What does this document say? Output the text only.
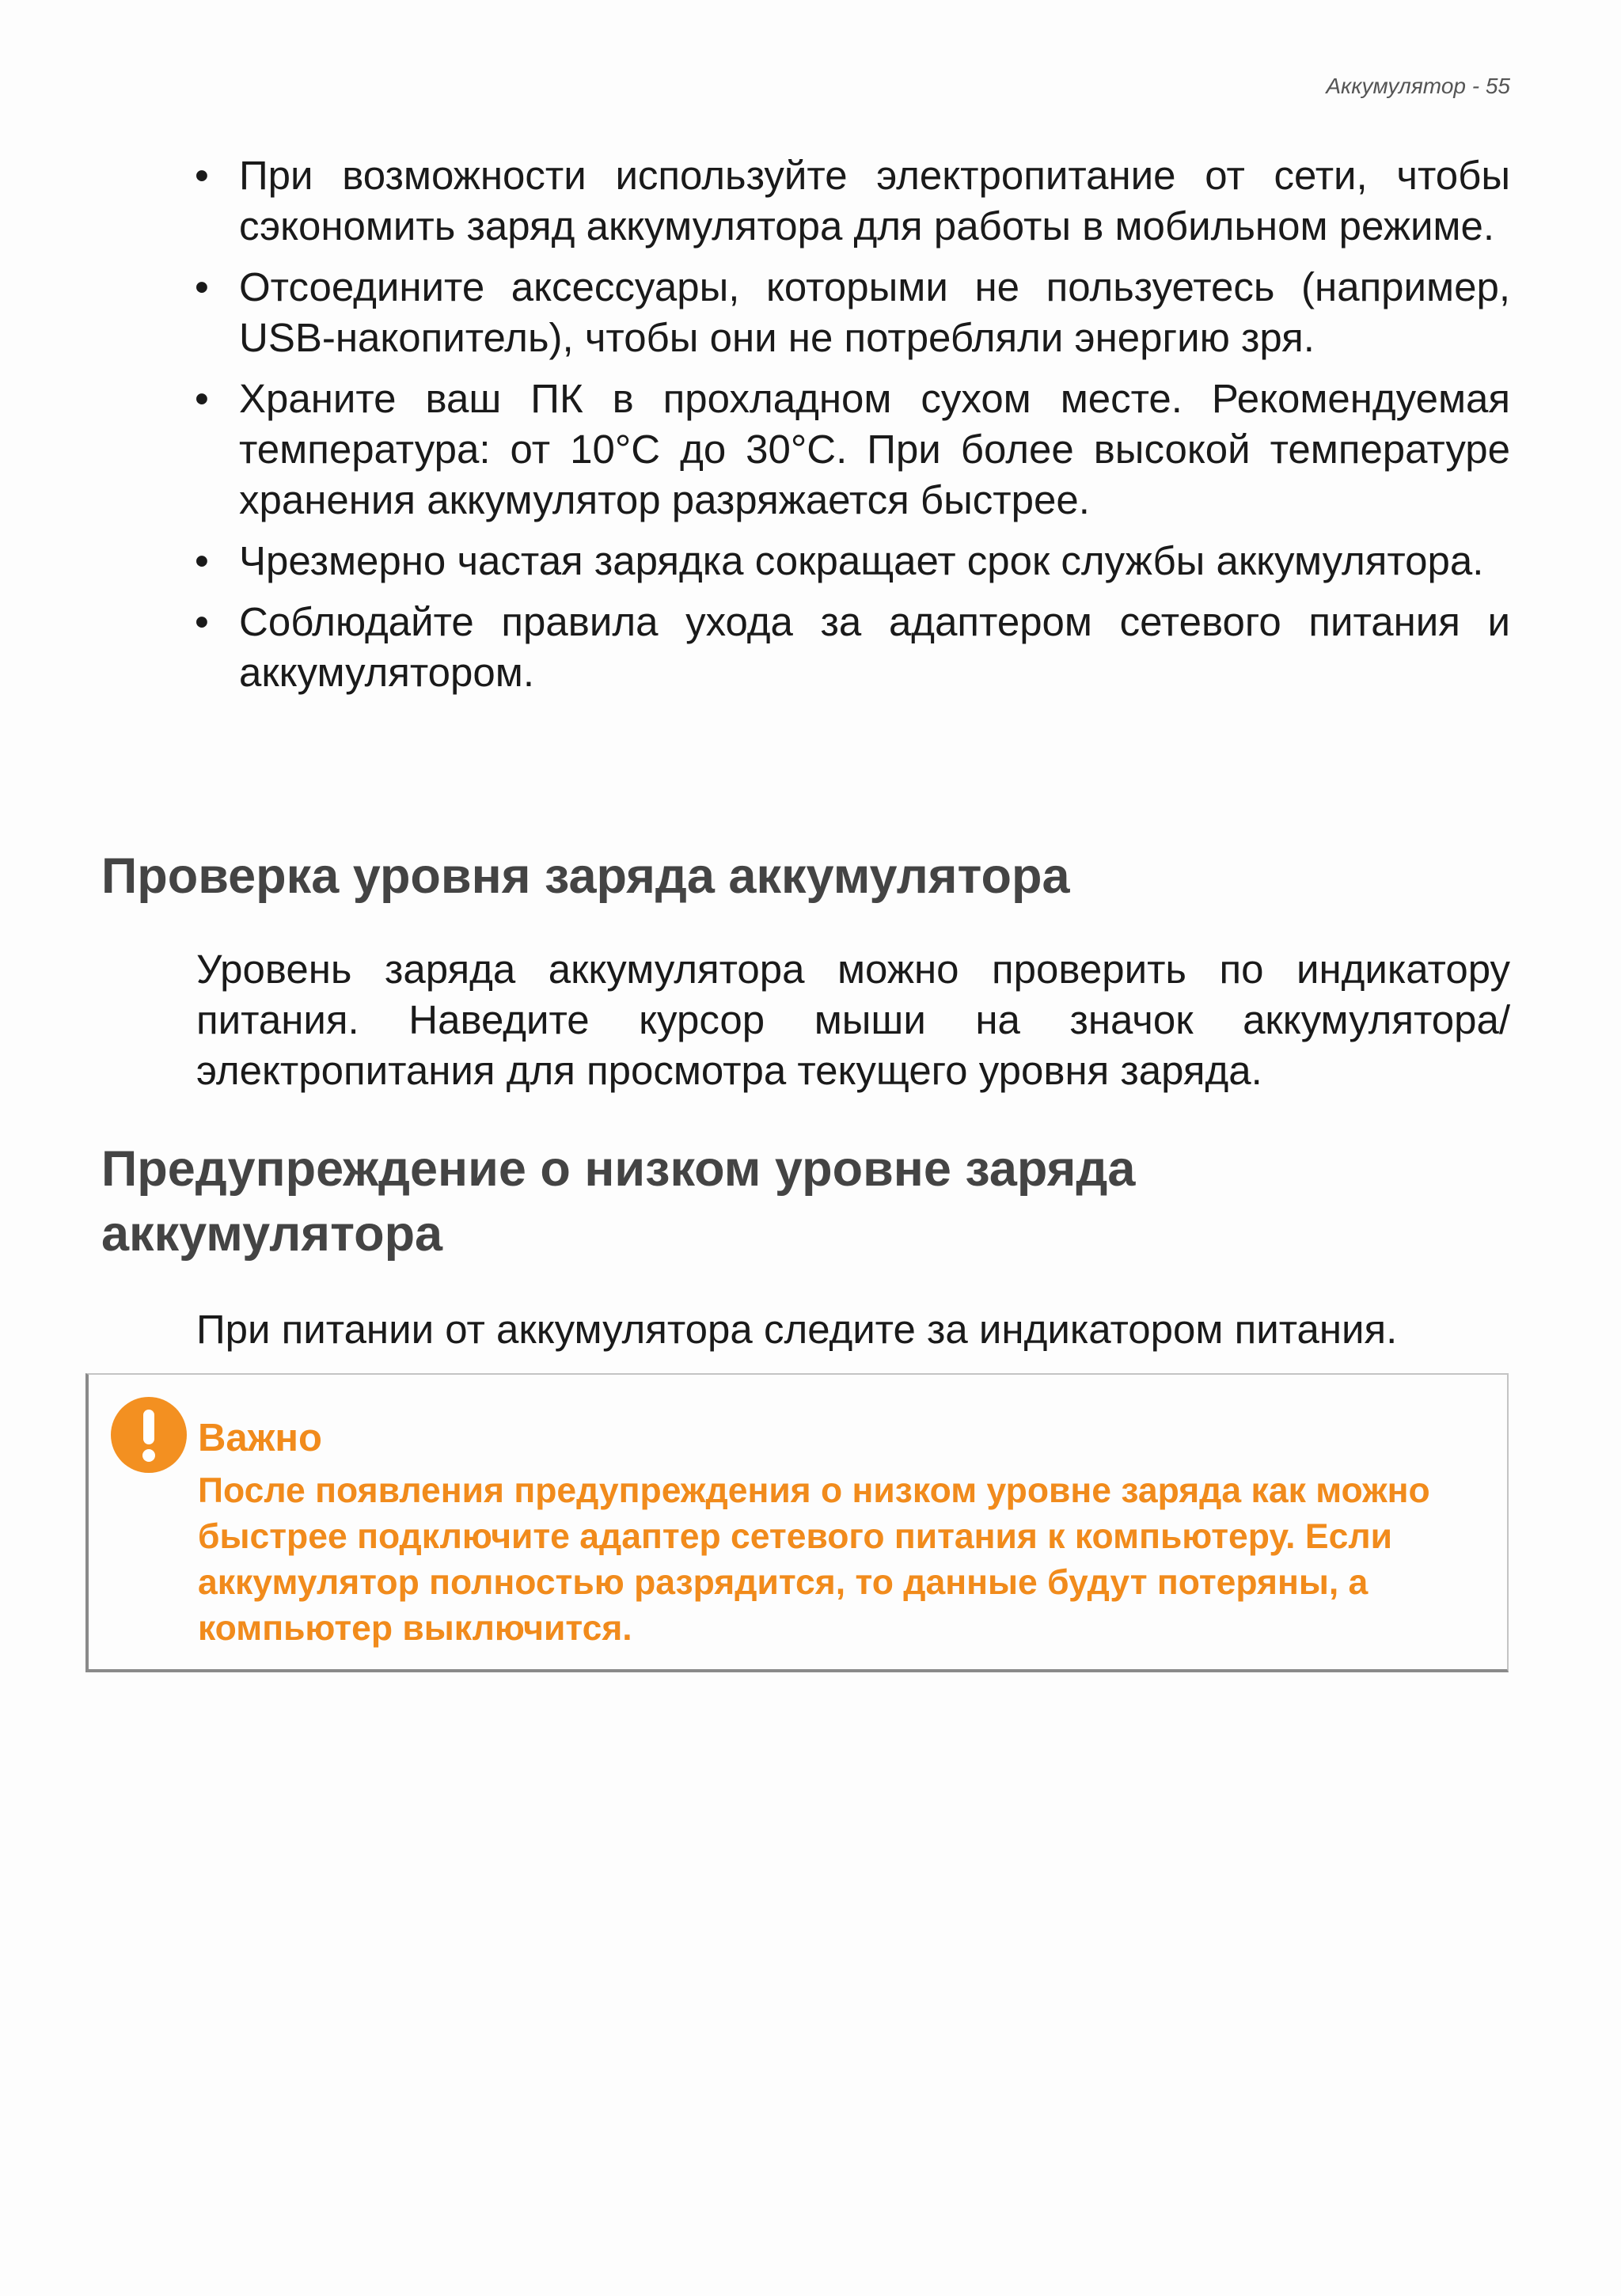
Аккумулятор - 55
• При возможности используйте электропитание от сети, чтобы сэкономить заряд аккумулятора для работы в мобильном режиме.
• Отсоедините аксессуары, которыми не пользуетесь (например, USB-накопитель), чтобы они не потребляли энергию зря.
• Храните ваш ПК в прохладном сухом месте. Рекомендуемая температура: от 10°C до 30°C. При более высокой температуре хранения аккумулятор разряжается быстрее.
• Чрезмерно частая зарядка сокращает срок службы аккумулятора.
• Соблюдайте правила ухода за адаптером сетевого питания и аккумулятором.
Проверка уровня заряда аккумулятора

Уровень заряда аккумулятора можно проверить по индикатору питания. Наведите курсор мыши на значок аккумулятора/ электропитания для просмотра текущего уровня заряда.

Предупреждение о низком уровне заряда
аккумулятора

При питании от аккумулятора следите за индикатором питания.

Важно

После появления предупреждения о низком уровне заряда как можно быстрее подключите адаптер сетевого питания к компьютеру. Если аккумулятор полностью разрядится, то данные будут потеряны, а компьютер выключится.
